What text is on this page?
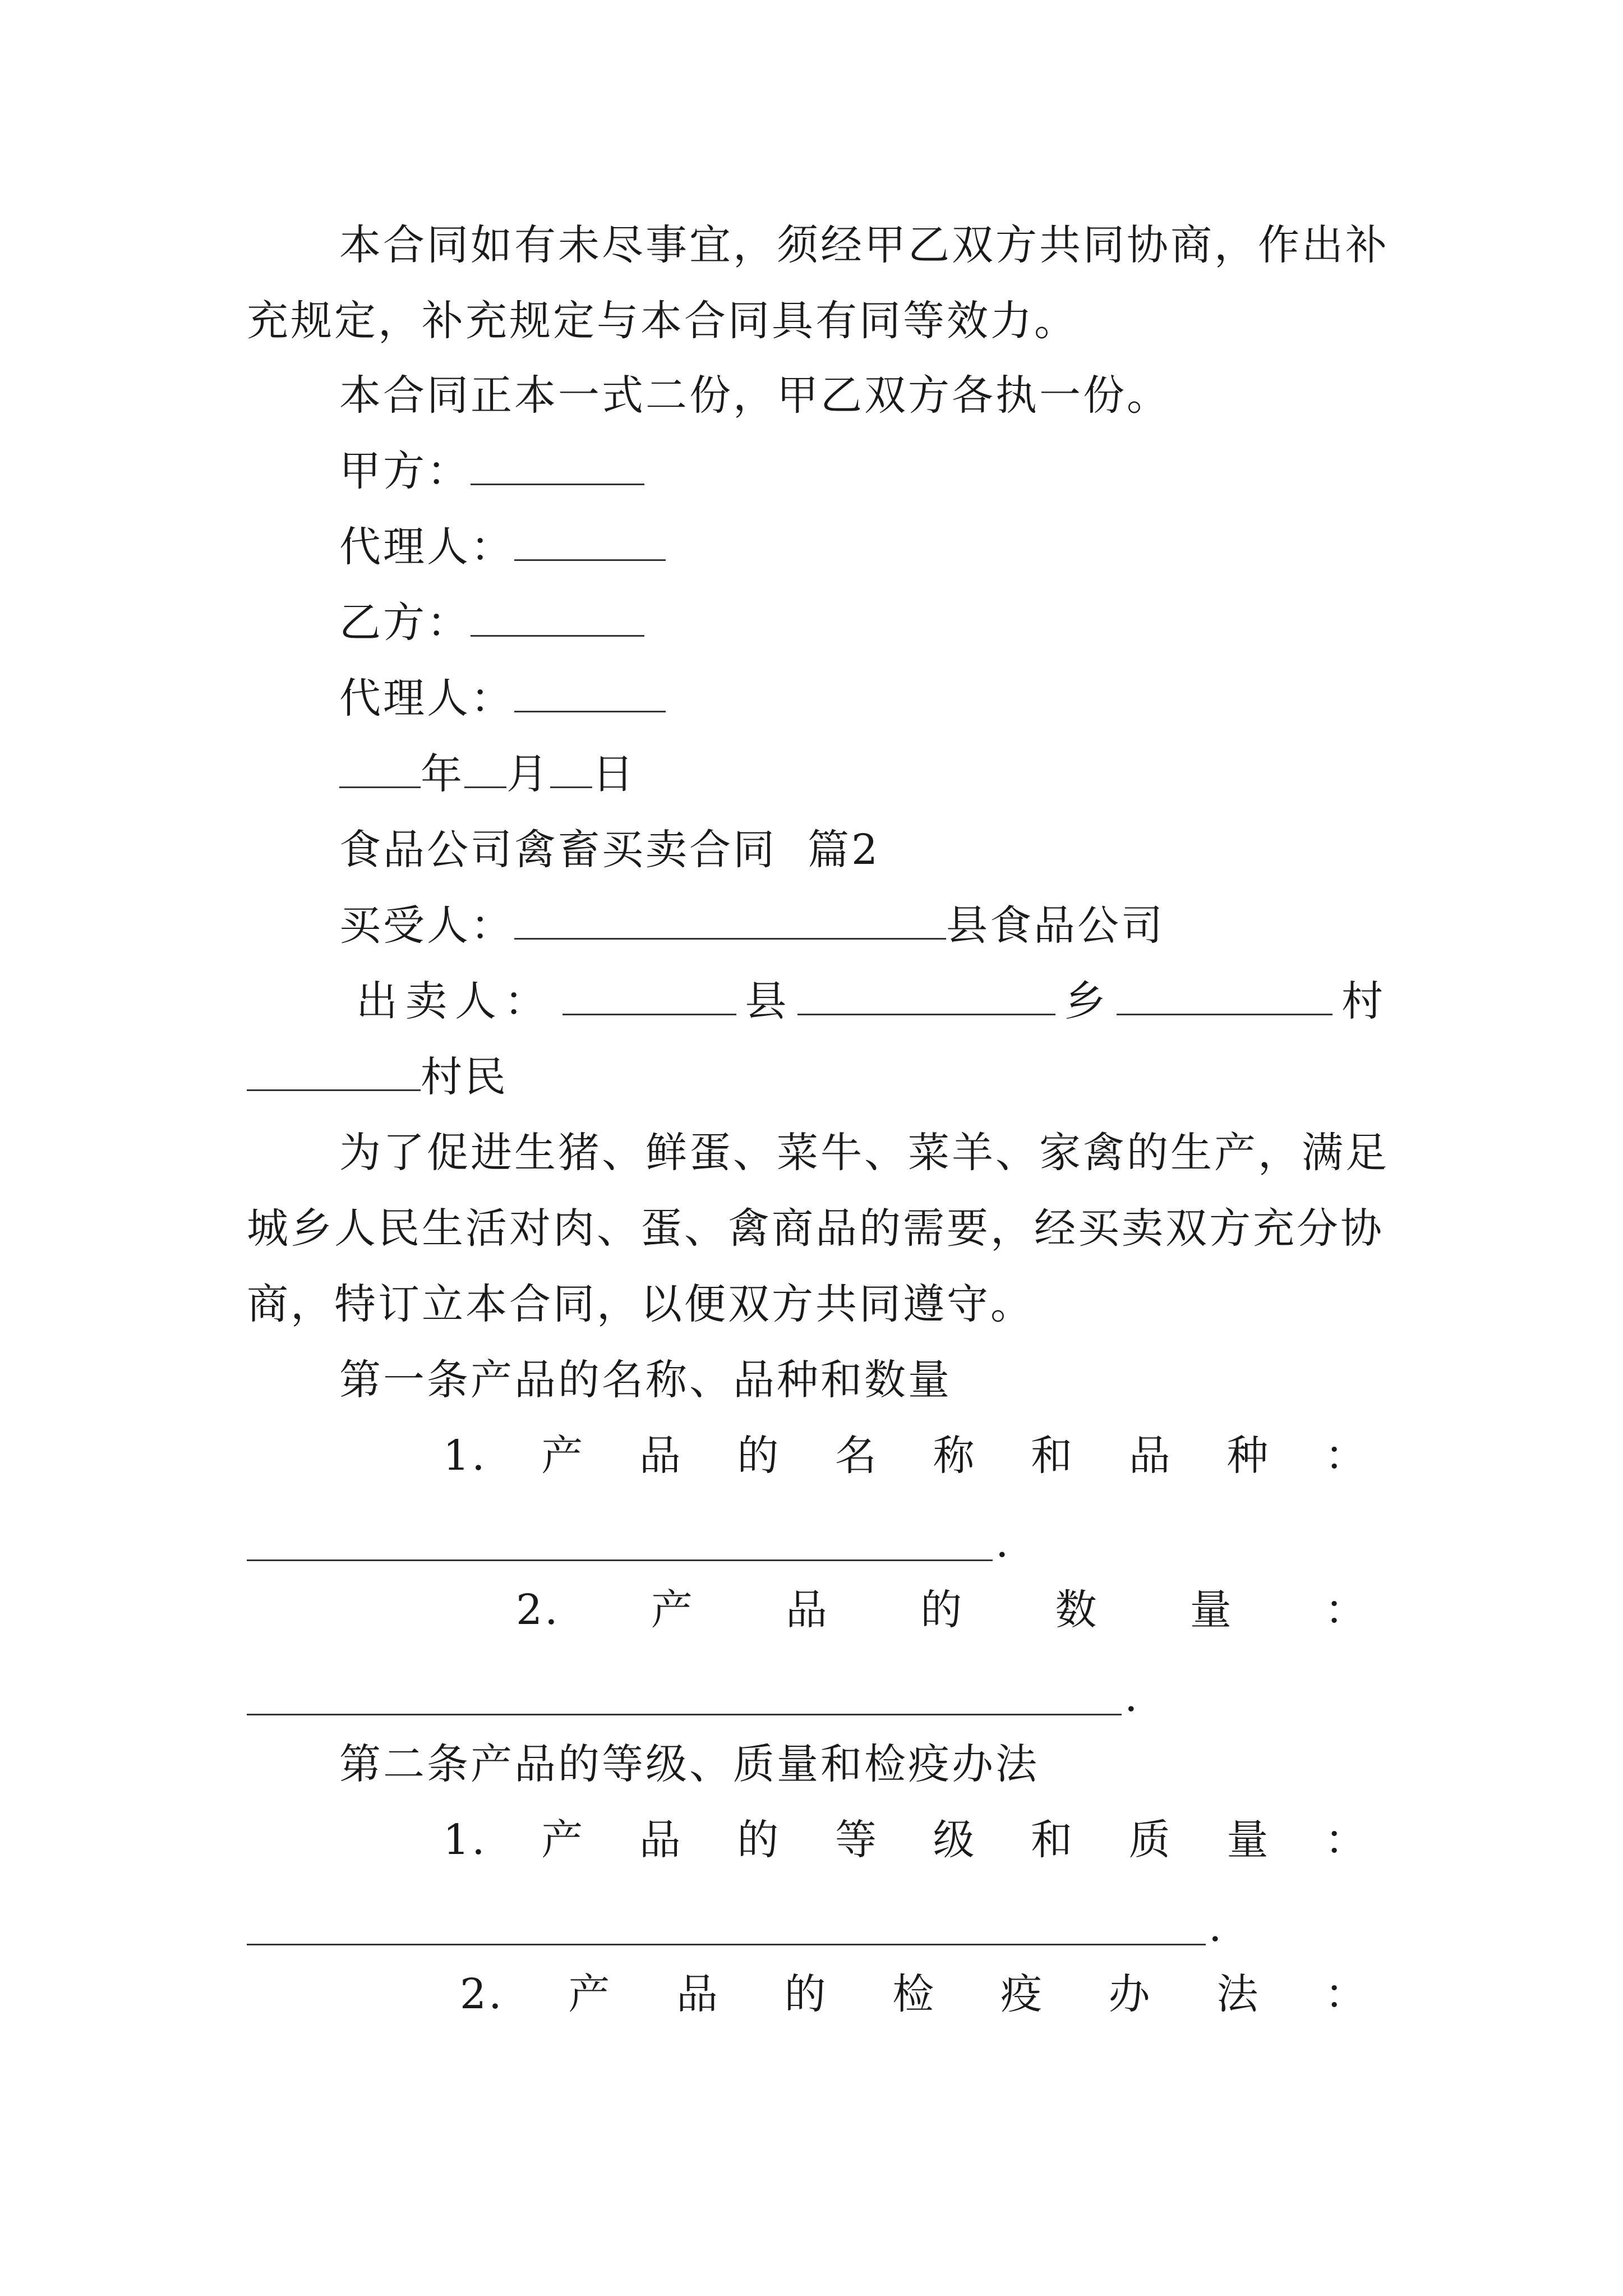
本合同如有未尽事宜，须经甲乙双方共同协商，作出补
充规定，补充规定与本合同具有同等效力。
本合同正本一式二份，甲乙双方各执一份。
甲方：
代理人：
乙方：
代理人：
年 月 日
食品公司禽畜买卖合同  篇2
买受人：	县食品公司
出卖人：	县	乡	村
村民
为了促进生猪、鲜蛋、菜牛、菜羊、家禽的生产，满足
城乡人民生活对肉、蛋、禽商品的需要，经买卖双方充分协
商，特订立本合同，以便双方共同遵守。
第一条产品的名称、品种和数量
1. 产 品 的 名 称 和 品 种 ：
.
2. 产 品 的 数 量 ：
.
第二条产品的等级、质量和检疫办法
1. 产 品 的 等 级 和 质 量 ：
.
2. 产 品 的 检 疫 办 法 ：
